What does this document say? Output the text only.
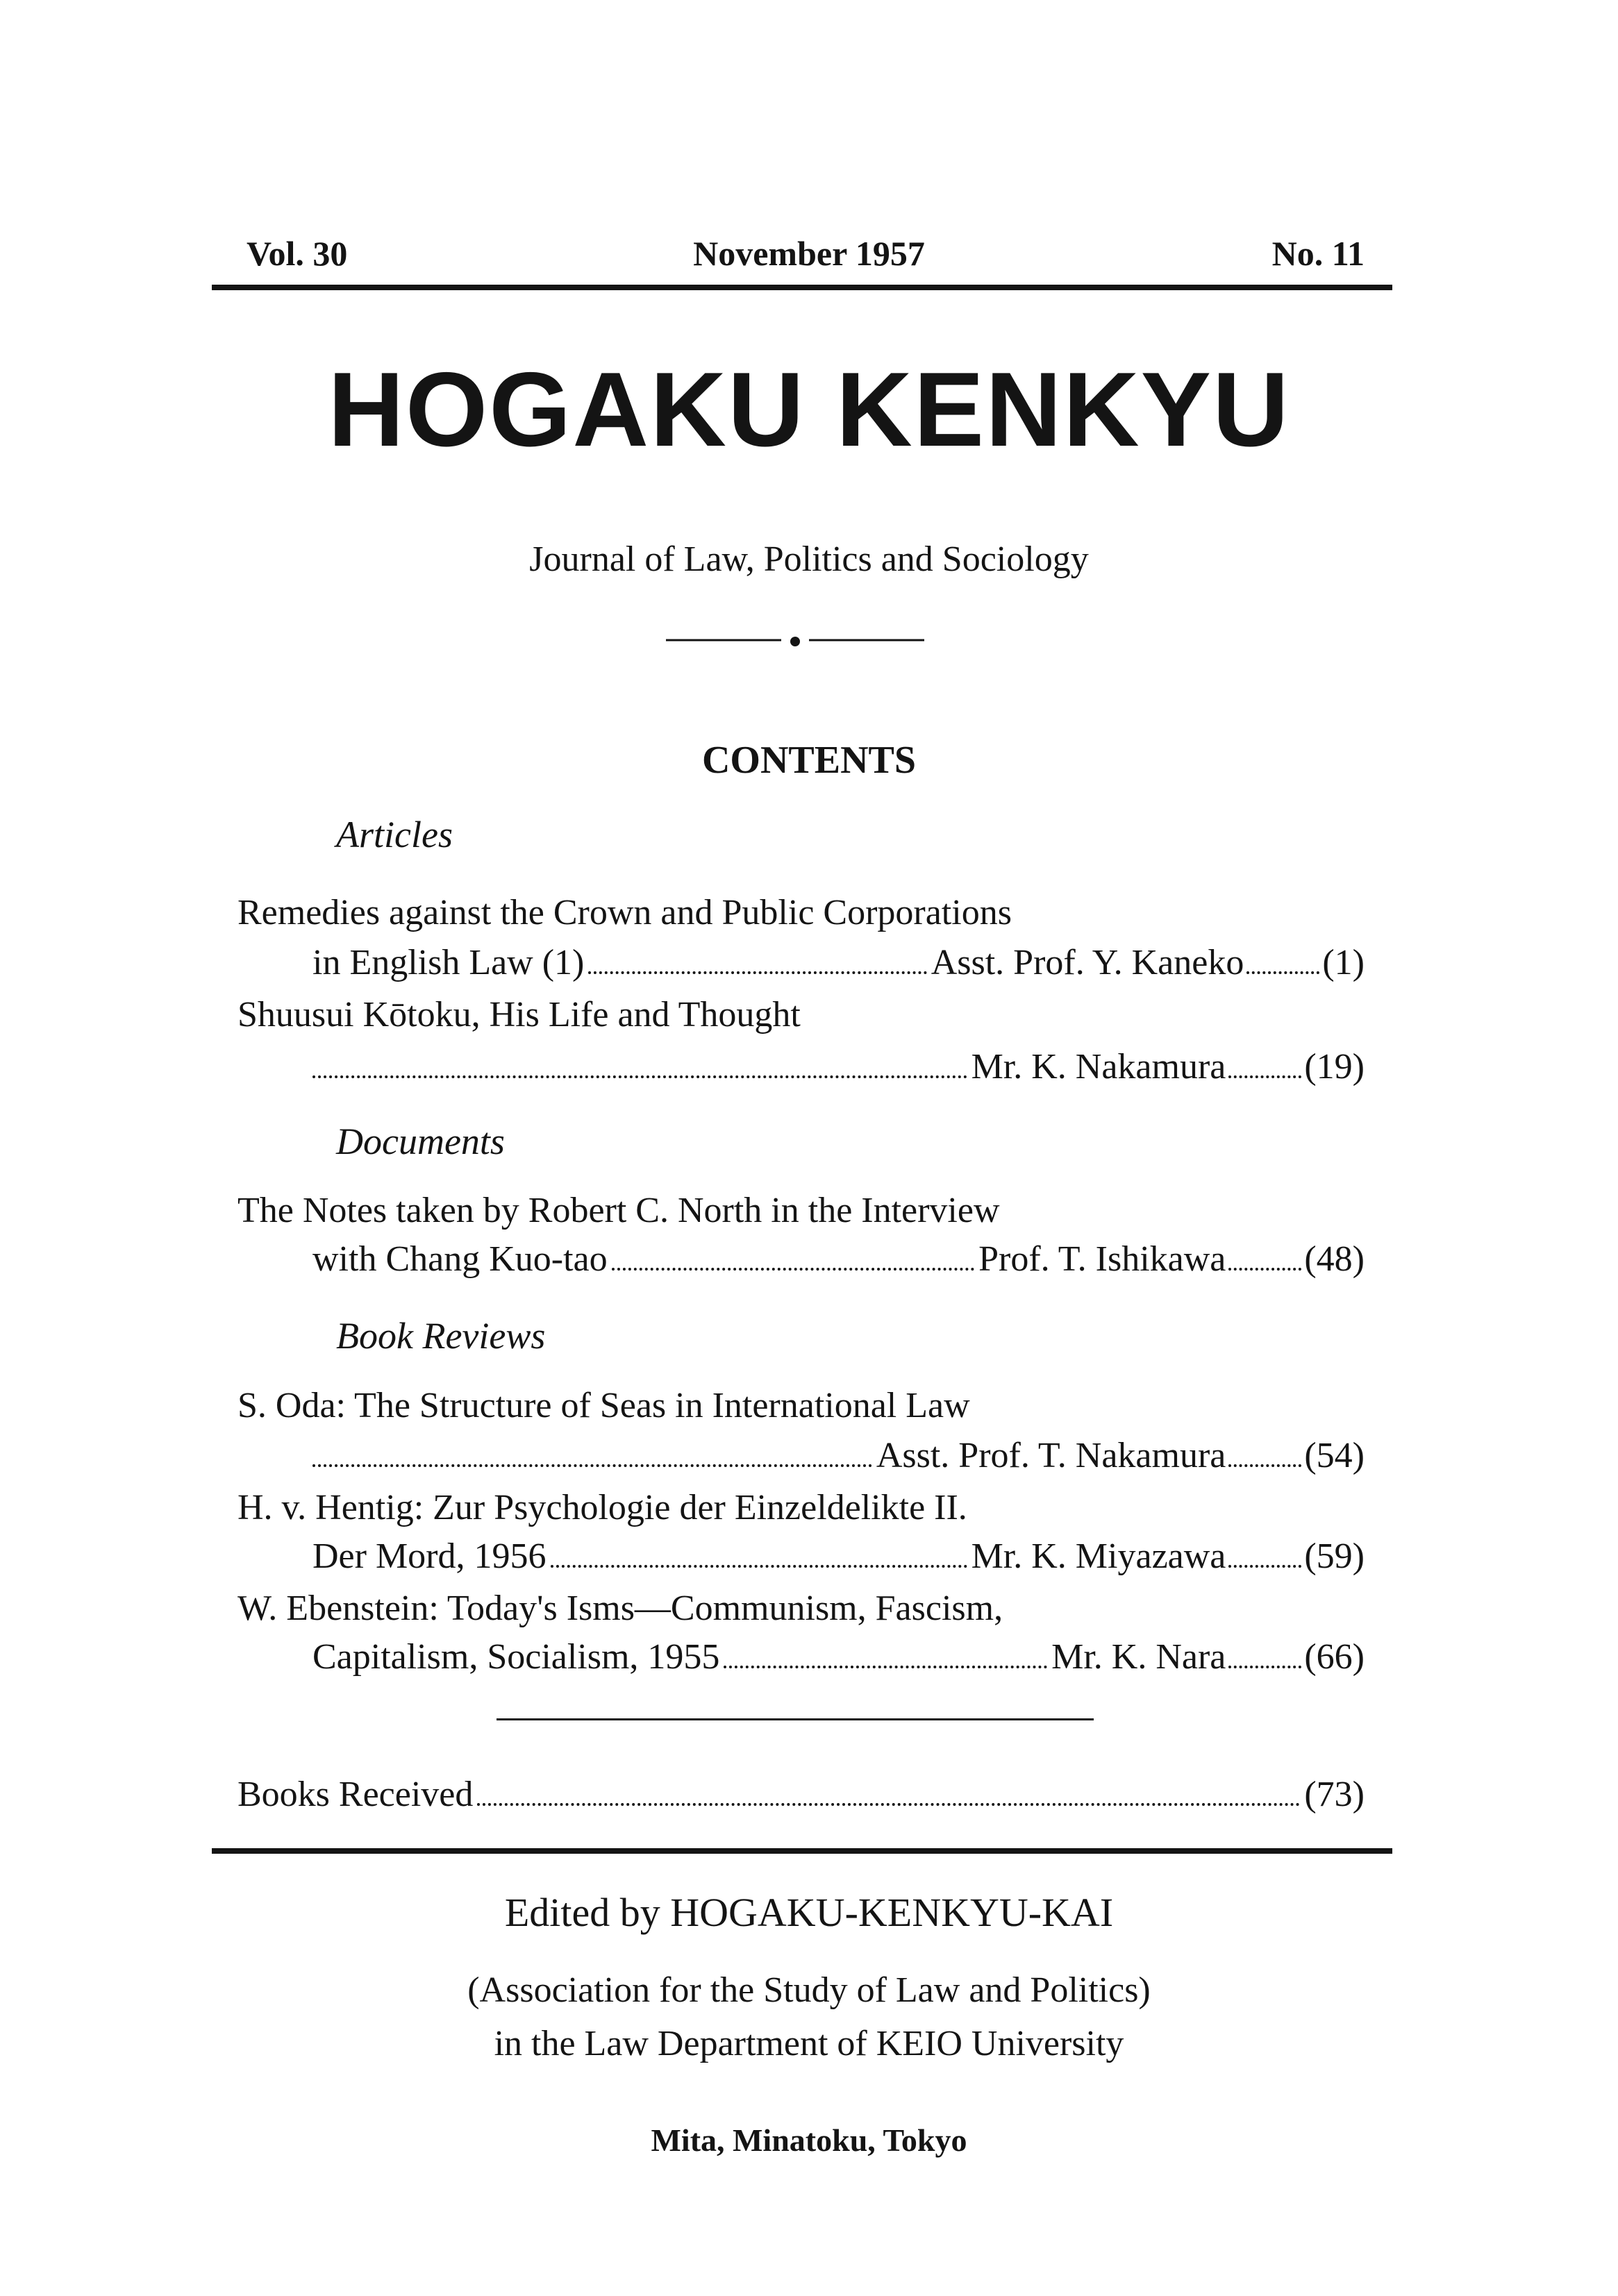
Vol. 30	November 1957	No. 11
HOGAKU KENKYU
Journal of Law, Politics and Sociology
CONTENTS
Articles
Remedies against the Crown and Public Corporations
in English Law (1)	Asst. Prof. Y. Kaneko (1)
Shuusui Kōtoku, His Life and Thought
Mr. K. Nakamura (19)
Documents
The Notes taken by Robert C. North in the Interview
with Chang Kuo-tao	Prof. T. Ishikawa (48)
Book Reviews
S. Oda: The Structure of Seas in International Law
Asst. Prof. T. Nakamura (54)
H. v. Hentig: Zur Psychologie der Einzeldelikte II.
Der Mord, 1956	Mr. K. Miyazawa (59)
W. Ebenstein: Today's Isms—Communism, Fascism,
Capitalism, Socialism, 1955	Mr. K. Nara (66)
Books Received	(73)
Edited by HOGAKU-KENKYU-KAI
(Association for the Study of Law and Politics)
in the Law Department of KEIO University
Mita, Minatoku, Tokyo
